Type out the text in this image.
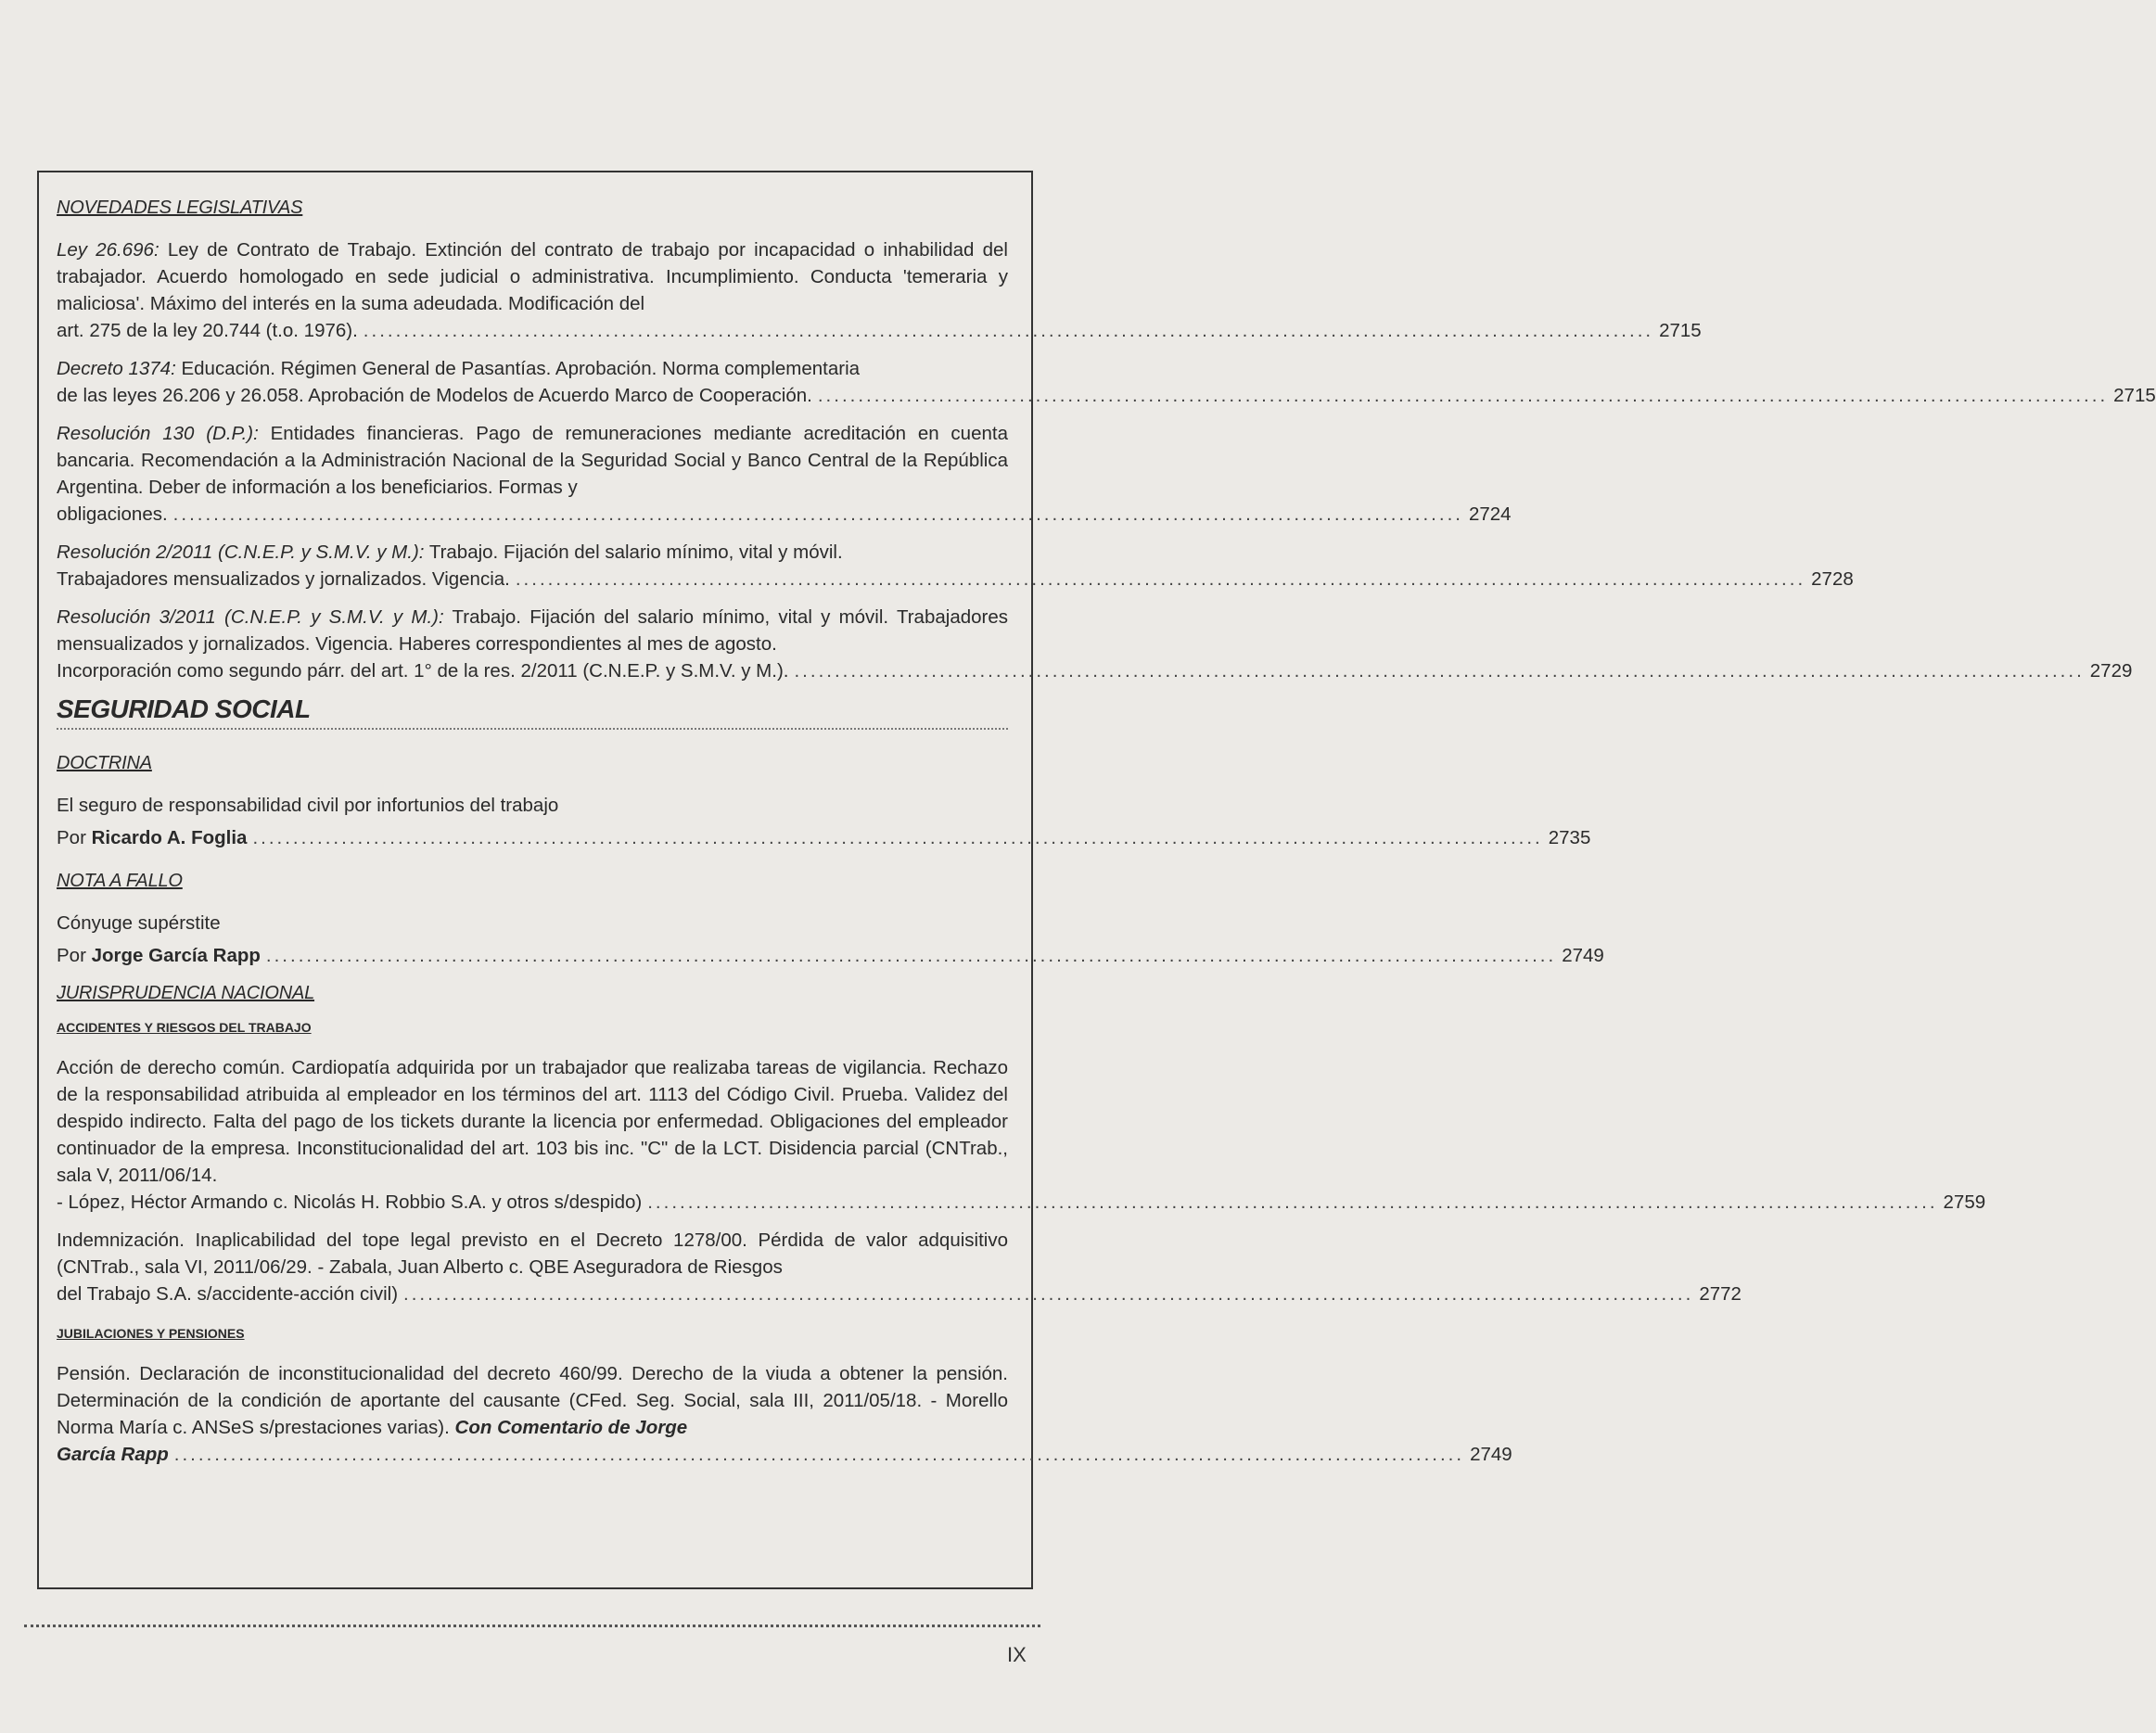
NOVEDADES LEGISLATIVAS
Ley 26.696: Ley de Contrato de Trabajo. Extinción del contrato de trabajo por incapacidad o inhabilidad del trabajador. Acuerdo homologado en sede judicial o administrativa. Incumplimiento. Conducta 'temeraria y maliciosa'. Máximo del interés en la suma adeudada. Modificación del
art. 275 de la ley 20.744 (t.o. 1976). ................................................................................................................................................................ 2715
Decreto 1374: Educación. Régimen General de Pasantías. Aprobación. Norma complementaria
de las leyes 26.206 y 26.058. Aprobación de Modelos de Acuerdo Marco de Cooperación. ................................................................................................................................................................ 2715
Resolución 130 (D.P.): Entidades financieras. Pago de remuneraciones mediante acreditación en cuenta bancaria. Recomendación a la Administración Nacional de la Seguridad Social y Banco Central de la República Argentina. Deber de información a los beneficiarios. Formas y
obligaciones. ................................................................................................................................................................ 2724
Resolución 2/2011 (C.N.E.P. y S.M.V. y M.): Trabajo. Fijación del salario mínimo, vital y móvil.
Trabajadores mensualizados y jornalizados. Vigencia. ................................................................................................................................................................ 2728
Resolución 3/2011 (C.N.E.P. y S.M.V. y M.): Trabajo. Fijación del salario mínimo, vital y móvil. Trabajadores mensualizados y jornalizados. Vigencia. Haberes correspondientes al mes de agosto.
Incorporación como segundo párr. del art. 1° de la res. 2/2011 (C.N.E.P. y S.M.V. y M.). ................................................................................................................................................................ 2729
SEGURIDAD SOCIAL
DOCTRINA
El seguro de responsabilidad civil por infortunios del trabajo
Por Ricardo A. Foglia ................................................................................................................................................................ 2735
NOTA A FALLO
Cónyuge supérstite
Por Jorge García Rapp ................................................................................................................................................................ 2749
JURISPRUDENCIA NACIONAL
ACCIDENTES Y RIESGOS DEL TRABAJO
Acción de derecho común. Cardiopatía adquirida por un trabajador que realizaba tareas de vigilancia. Rechazo de la responsabilidad atribuida al empleador en los términos del art. 1113 del Código Civil. Prueba. Validez del despido indirecto. Falta del pago de los tickets durante la licencia por enfermedad. Obligaciones del empleador continuador de la empresa. Inconstitucionalidad del art. 103 bis inc. "C" de la LCT. Disidencia parcial (CNTrab., sala V, 2011/06/14.
- López, Héctor Armando c. Nicolás H. Robbio S.A. y otros s/despido) ................................................................................................................................................................ 2759
Indemnización. Inaplicabilidad del tope legal previsto en el Decreto 1278/00. Pérdida de valor adquisitivo (CNTrab., sala VI, 2011/06/29. - Zabala, Juan Alberto c. QBE Aseguradora de Riesgos
del Trabajo S.A. s/accidente-acción civil) ................................................................................................................................................................ 2772
JUBILACIONES Y PENSIONES
Pensión. Declaración de inconstitucionalidad del decreto 460/99. Derecho de la viuda a obtener la pensión. Determinación de la condición de aportante del causante (CFed. Seg. Social, sala III, 2011/05/18. - Morello Norma María c. ANSeS s/prestaciones varias). Con Comentario de Jorge
García Rapp ................................................................................................................................................................ 2749
IX
